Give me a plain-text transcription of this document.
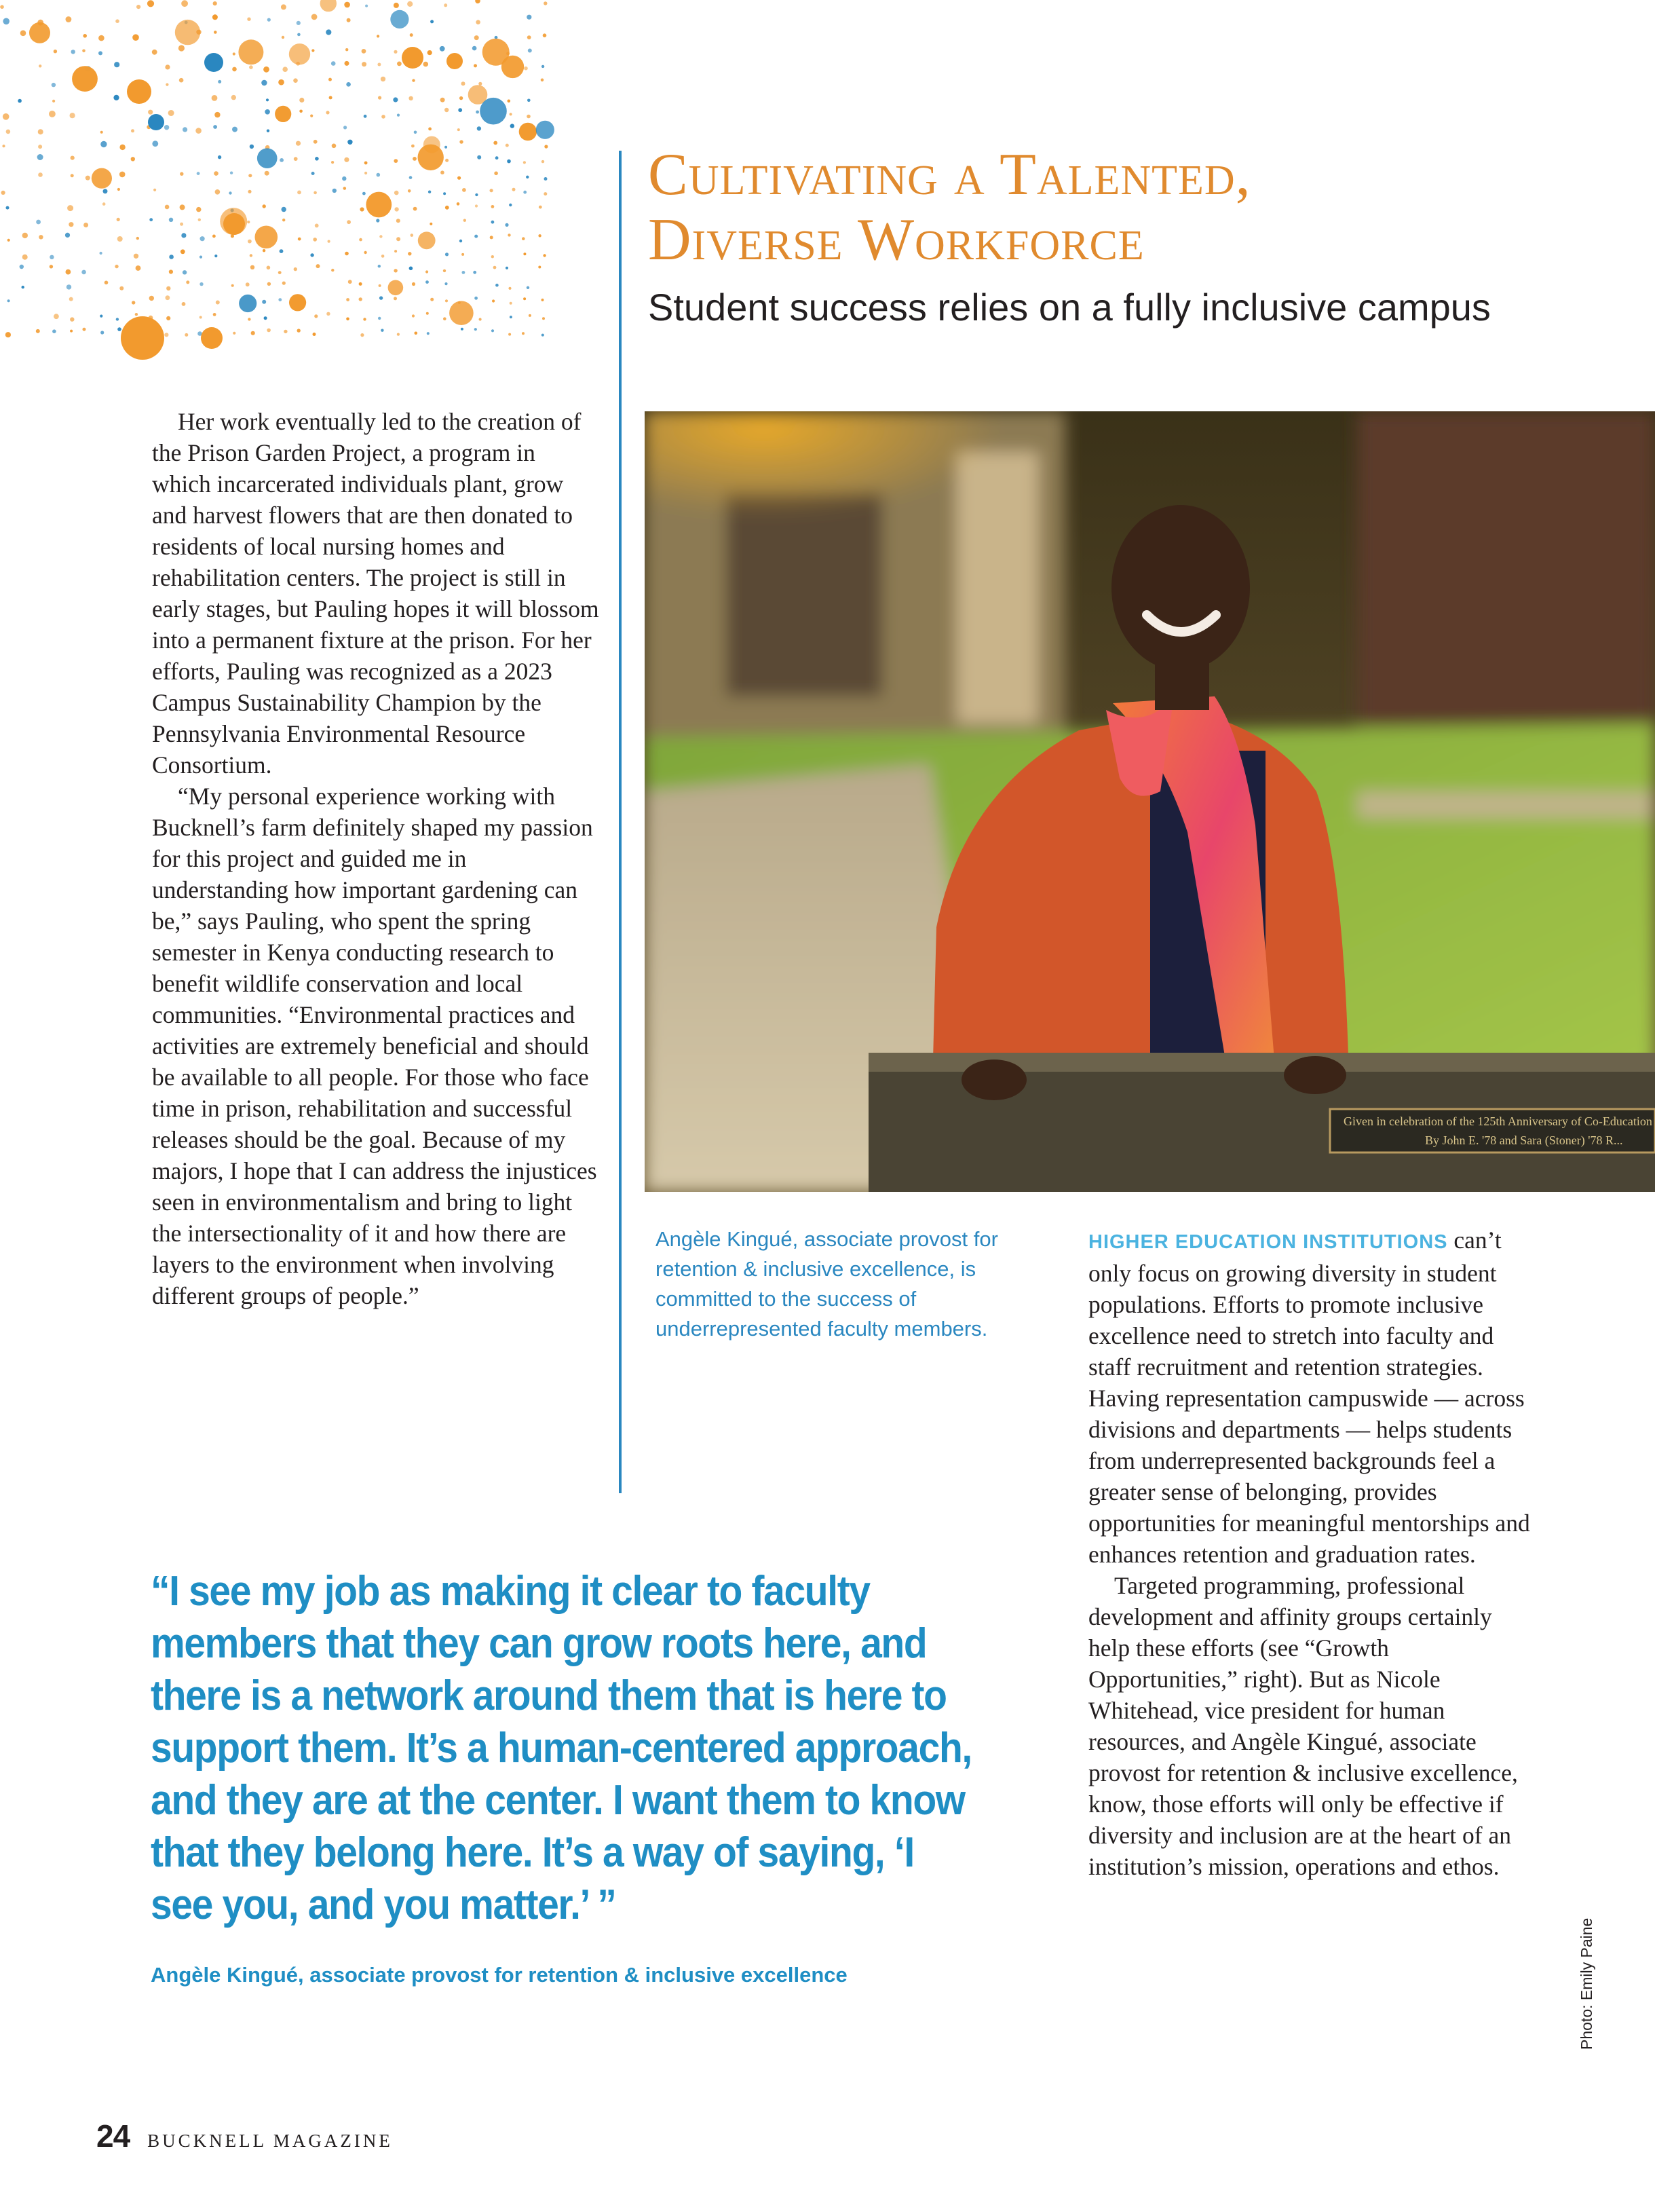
Cultivating a Talented,
Diverse Workforce
Student success relies on a fully inclusive campus

Her work eventually led to the creation of the Prison Garden Project, a program in which incarcerated individuals plant, grow and harvest flowers that are then donated to residents of local nursing homes and rehabilitation centers. The project is still in early stages, but Pauling hopes it will blossom into a permanent fixture at the prison. For her efforts, Pauling was recognized as a 2023 Campus Sustainability Champion by the Pennsylvania Environmental Resource Consortium.

“My personal experience working with Bucknell’s farm definitely shaped my passion for this project and guided me in understanding how important gardening can be,” says Pauling, who spent the spring semester in Kenya conducting research to benefit wildlife conservation and local communities. “Environmental practices and activities are extremely beneficial and should be available to all people. For those who face time in prison, rehabilitation and successful releases should be the goal. Because of my majors, I hope that I can address the injustices seen in environmentalism and bring to light the intersectionality of it and how there are layers to the environment when involving different groups of people.”

Given in celebration of the 125th Anniversary of Co-Education
By John E. '78 and Sara (Stoner) '78 R...

Angèle Kingué, associate provost for retention & inclusive excellence, is committed to the success of underrepresented faculty members.

HIGHER EDUCATION INSTITUTIONS can’t only focus on growing diversity in student populations. Efforts to promote inclusive excellence need to stretch into faculty and staff recruitment and retention strategies. Having representation campuswide — across divisions and departments — helps students from underrepresented backgrounds feel a greater sense of belonging, provides opportunities for meaningful mentorships and enhances retention and graduation rates.

Targeted programming, professional development and affinity groups certainly help these efforts (see “Growth Opportunities,” right). But as Nicole Whitehead, vice president for human resources, and Angèle Kingué, associate provost for retention & inclusive excellence, know, those efforts will only be effective if diversity and inclusion are at the heart of an institution’s mission, operations and ethos.

“I see my job as making it clear to faculty members that they can grow roots here, and there is a network around them that is here to support them. It’s a human-centered approach, and they are at the center. I want them to know that they belong here. It’s a way of saying, ‘I see you, and you matter.’ ”

Angèle Kingué, associate provost for retention & inclusive excellence	Photo: Emily Paine
24 BUCKNELL MAGAZINE
